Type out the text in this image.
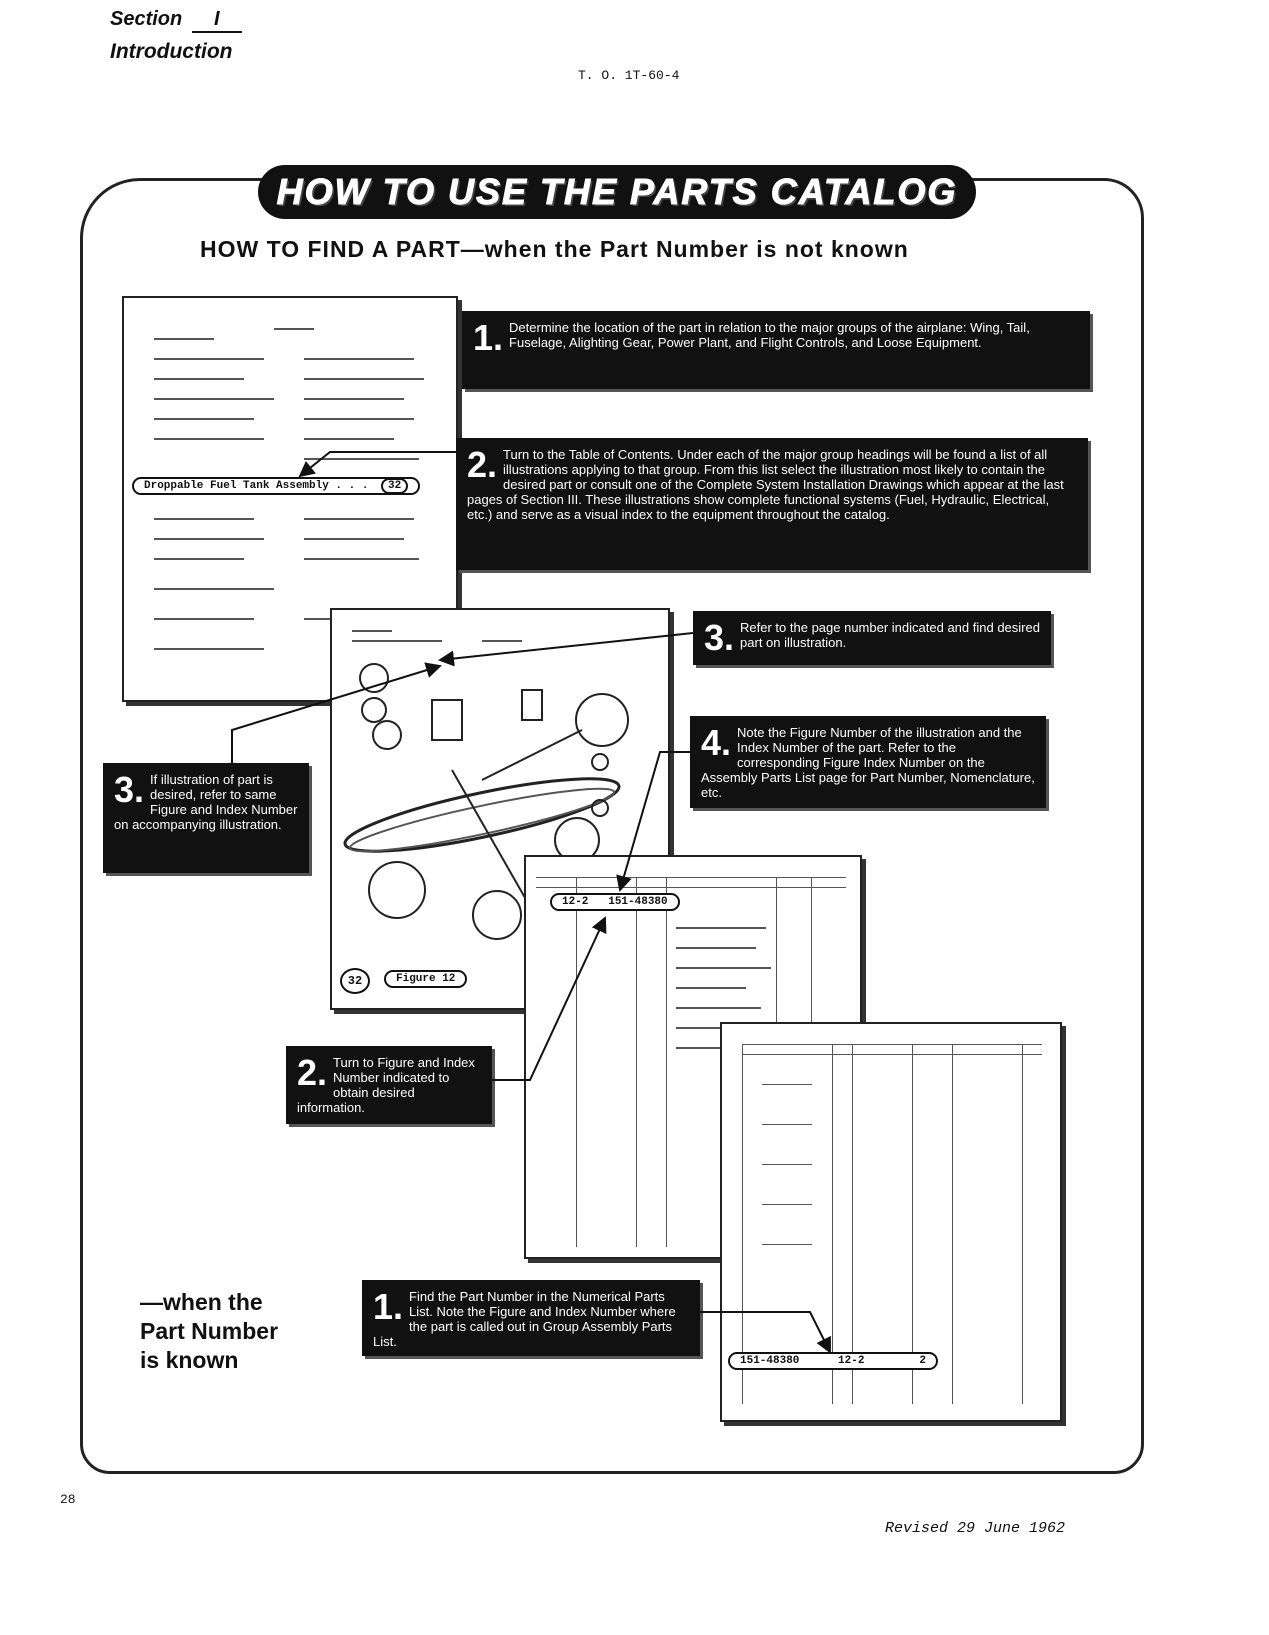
Section I
Introduction
T. O. 1T-60-4
HOW TO USE THE PARTS CATALOG
HOW TO FIND A PART—when the Part Number is not known
Droppable Fuel Tank Assembly . . . 32
32	Figure 12
12-2 151-48380
151-48380	12-2	2
1. Determine the location of the part in relation to the major groups of the airplane: Wing, Tail, Fuselage, Alighting Gear, Power Plant, and Flight Controls, and Loose Equipment.
2. Turn to the Table of Contents. Under each of the major group headings will be found a list of all illustrations applying to that group. From this list select the illustration most likely to contain the desired part or consult one of the Complete System Installation Drawings which appear at the last pages of Section III. These illustrations show complete functional systems (Fuel, Hydraulic, Electrical, etc.) and serve as a visual index to the equipment throughout the catalog.
3. Refer to the page number indicated and find desired part on illustration.
4. Note the Figure Number of the illustration and the Index Number of the part. Refer to the corresponding Figure Index Number on the Assembly Parts List page for Part Number, Nomenclature, etc.
3. If illustration of part is desired, refer to same Figure and Index Number on accompanying illustration.
—when the
Part Number
is known
1. Find the Part Number in the Numerical Parts List. Note the Figure and Index Number where the part is called out in Group Assembly Parts List.
2. Turn to Figure and Index Number indicated to obtain desired information.
28
Revised 29 June 1962
